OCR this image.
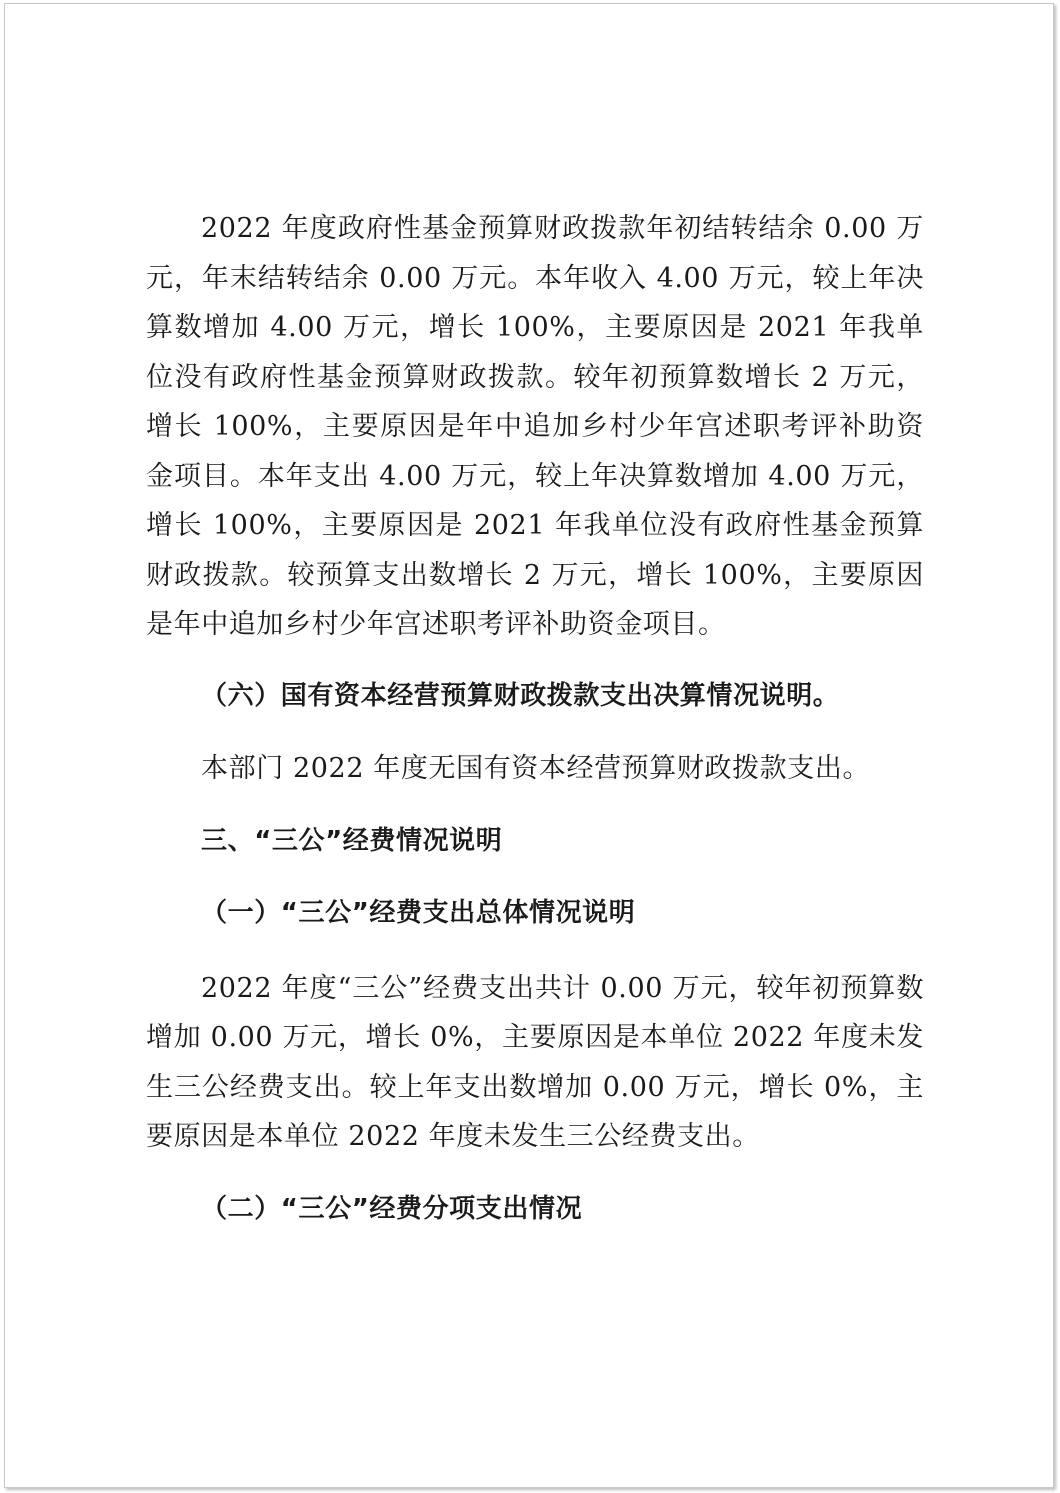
2022 年度政府性基金预算财政拨款年初结转结余 0.00 万元，年末结转结余 0.00 万元。本年收入 4.00 万元，较上年决算数增加 4.00 万元，增长 100%，主要原因是 2021 年我单位没有政府性基金预算财政拨款。较年初预算数增长 2 万元，增长 100%，主要原因是年中追加乡村少年宫述职考评补助资金项目。本年支出 4.00 万元，较上年决算数增加 4.00 万元，增长 100%，主要原因是 2021 年我单位没有政府性基金预算财政拨款。较预算支出数增长 2 万元，增长 100%，主要原因是年中追加乡村少年宫述职考评补助资金项目。

（六）国有资本经营预算财政拨款支出决算情况说明。

本部门 2022 年度无国有资本经营预算财政拨款支出。

三、“三公”经费情况说明

（一）“三公”经费支出总体情况说明

2022 年度“三公”经费支出共计 0.00 万元，较年初预算数增加 0.00 万元，增长 0%，主要原因是本单位 2022 年度未发生三公经费支出。较上年支出数增加 0.00 万元，增长 0%，主要原因是本单位 2022 年度未发生三公经费支出。

（二）“三公”经费分项支出情况
